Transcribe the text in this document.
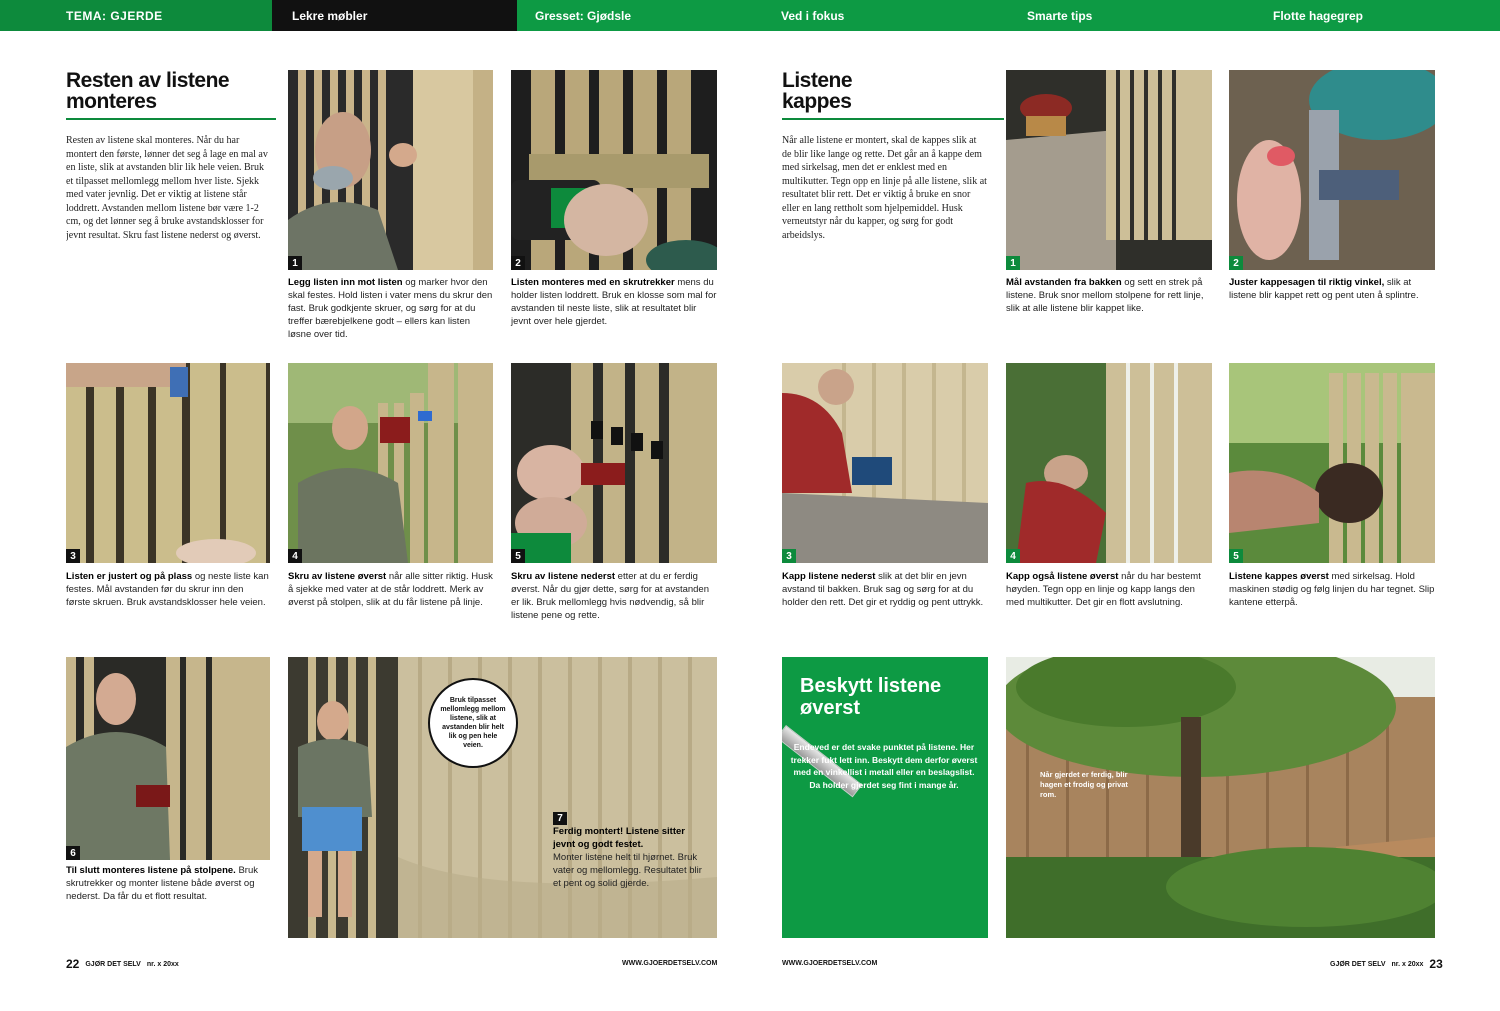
TEMA: GJERDE	Lekre møbler	Gresset: Gjødsle	Ved i fokus	Smarte tips	Flotte hagegrep
Resten av listene monteres
Resten av listene skal monteres. Når du har montert den første, lønner det seg å lage en mal av en liste, slik at avstanden blir lik hele veien. Bruk et tilpasset mellomlegg mellom hver liste. Sjekk med vater jevnlig. Det er viktig at listene står loddrett. Avstanden mellom listene bør være 1-2 cm, og det lønner seg å bruke avstandsklosser for jevnt resultat. Skru fast listene nederst og øverst.
1
Legg listen inn mot listen og marker hvor den skal festes. Hold listen i vater mens du skrur den fast. Bruk godkjente skruer, og sørg for at du treffer bærebjelkene godt – ellers kan listen løsne over tid.
2
Listen monteres med en skrutrekker mens du holder listen loddrett. Bruk en klosse som mal for avstanden til neste liste, slik at resultatet blir jevnt over hele gjerdet.
3
Listen er justert og på plass og neste liste kan festes. Mål avstanden før du skrur inn den første skruen. Bruk avstandsklosser hele veien.
4
Skru av listene øverst når alle sitter riktig. Husk å sjekke med vater at de står loddrett. Merk av øverst på stolpen, slik at du får listene på linje.
5
Skru av listene nederst etter at du er ferdig øverst. Når du gjør dette, sørg for at avstanden er lik. Bruk mellomlegg hvis nødvendig, så blir listene pene og rette.
6
Til slutt monteres listene på stolpene. Bruk skrutrekker og monter listene både øverst og nederst. Da får du et flott resultat.
Bruk tilpasset mellomlegg mellom listene, slik at avstanden blir helt lik og pen hele veien.
7
Ferdig montert! Listene sitter jevnt og godt festet.
Monter listene helt til hjørnet. Bruk vater og mellomlegg. Resultatet blir et pent og solid gjerde.
22 GJØR DET SELV nr. x 20xx	WWW.GJOERDETSELV.COM
Listene kappes
Når alle listene er montert, skal de kappes slik at de blir like lange og rette. Det går an å kappe dem med sirkelsag, men det er enklest med en multikutter. Tegn opp en linje på alle listene, slik at resultatet blir rett. Det er viktig å bruke en snor eller en lang rettholt som hjelpemiddel. Husk verneutstyr når du kapper, og sørg for godt arbeidslys.
1
Mål avstanden fra bakken og sett en strek på listene. Bruk snor mellom stolpene for rett linje, slik at alle listene blir kappet like.
2
Juster kappesagen til riktig vinkel, slik at listene blir kappet rett og pent uten å splintre.
3
Kapp listene nederst slik at det blir en jevn avstand til bakken. Bruk sag og sørg for at du holder den rett. Det gir et ryddig og pent uttrykk.
4
Kapp også listene øverst når du har bestemt høyden. Tegn opp en linje og kapp langs den med multikutter. Det gir en flott avslutning.
5
Listene kappes øverst med sirkelsag. Hold maskinen stødig og følg linjen du har tegnet. Slip kantene etterpå.
Beskytt listene øverst
Endeved er det svake punktet på listene. Her trekker fukt lett inn. Beskytt dem derfor øverst med en vinkellist i metall eller en beslagslist. Da holder gjerdet seg fint i mange år.
Når gjerdet er ferdig, blir hagen et frodig og privat rom.
WWW.GJOERDETSELV.COM	GJØR DET SELV nr. x 20xx 23
